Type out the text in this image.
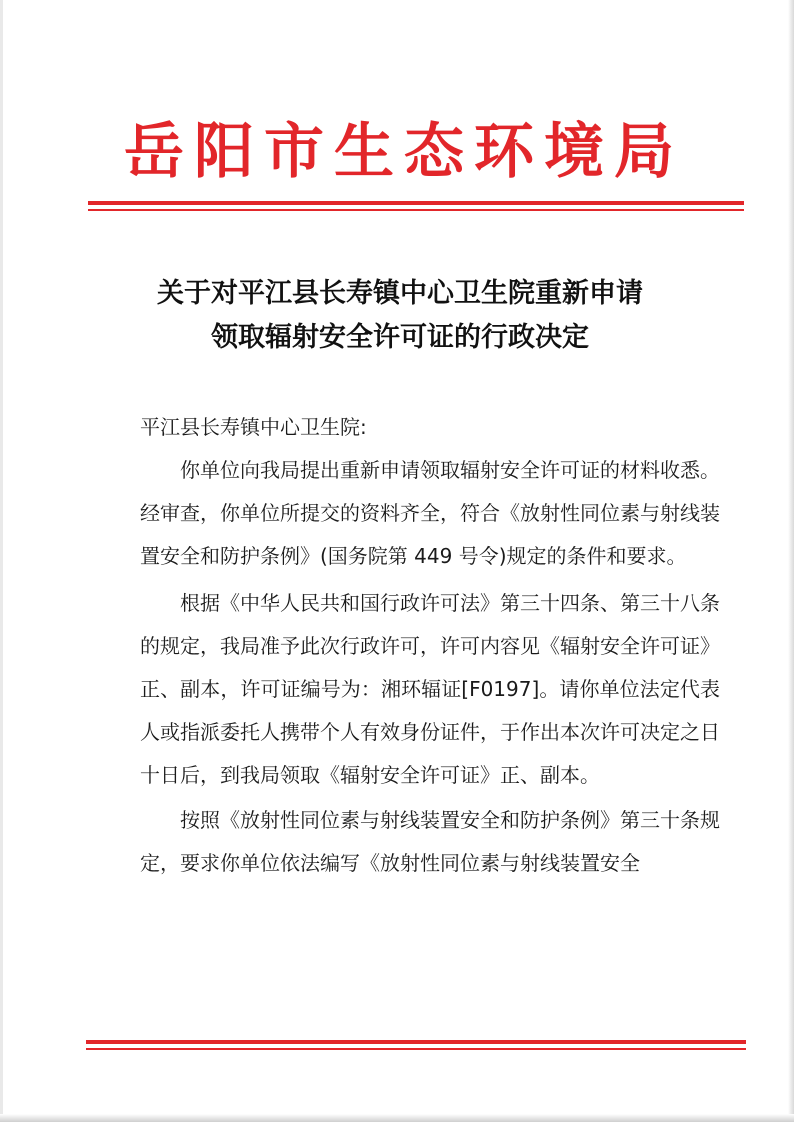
岳阳市生态环境局
关于对平江县长寿镇中心卫生院重新申请
领取辐射安全许可证的行政决定

平江县长寿镇中心卫生院:

你单位向我局提出重新申请领取辐射安全许可证的材料收悉。经审查，你单位所提交的资料齐全，符合《放射性同位素与射线装置安全和防护条例》(国务院第 449 号令)规定的条件和要求。

根据《中华人民共和国行政许可法》第三十四条、第三十八条的规定，我局准予此次行政许可，许可内容见《辐射安全许可证》正、副本，许可证编号为：湘环辐证[F0197]。请你单位法定代表人或指派委托人携带个人有效身份证件，于作出本次许可决定之日十日后，到我局领取《辐射安全许可证》正、副本。

按照《放射性同位素与射线装置安全和防护条例》第三十条规定，要求你单位依法编写《放射性同位素与射线装置安全
